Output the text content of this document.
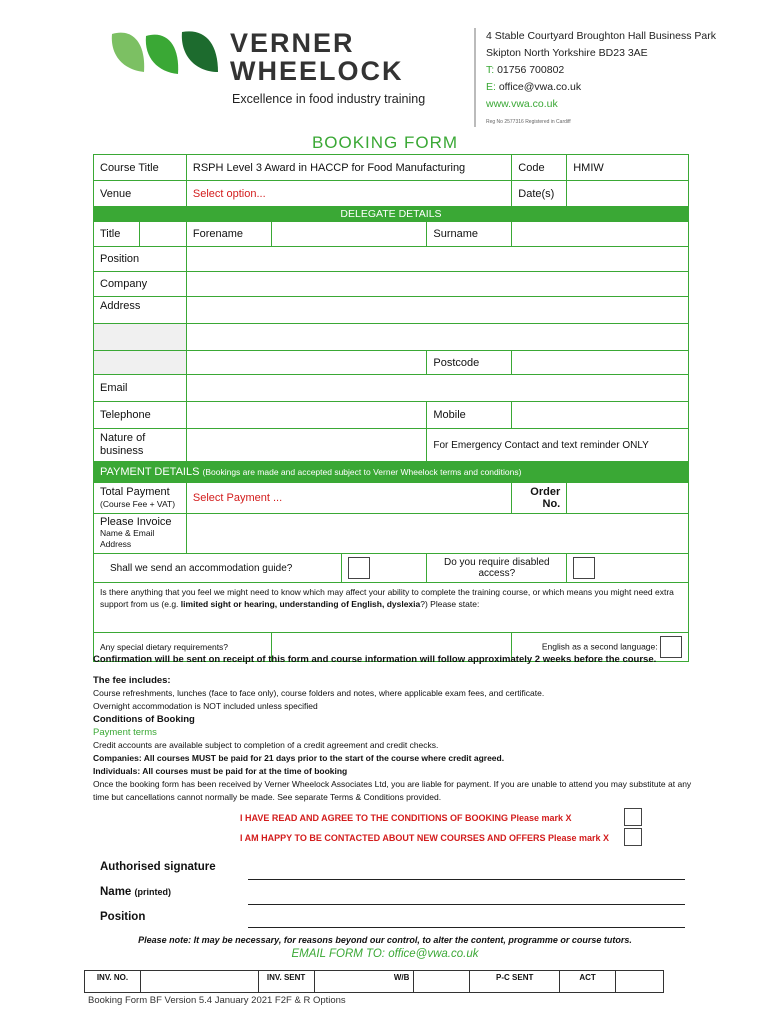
VERNER
WHEELOCK
Excellence in food industry training
4 Stable Courtyard Broughton Hall Business Park
Skipton North Yorkshire BD23 3AE
T: 01756 700802
E: office@vwa.co.uk
www.vwa.co.uk
Reg No 2577316 Registered in Cardiff
BOOKING FORM
Course Title		RSPH Level 3 Award in HACCP for Food Manufacturing				Code	HMIW
Venue		Select option...				Date(s)	
DELEGATE DETAILS							
Title		Forename			Surname		
Position							
Company							
Address							

					Postcode		
Email							
Telephone					Mobile		
Nature of business					For Emergency Contact and text reminder ONLY		
PAYMENT DETAILS (Bookings are made and accepted subject to Verner Wheelock terms and conditions)							

Total Payment
(Course Fee + VAT)		Select Payment ...				Order No.	

Please Invoice
Name & Email Address							

Shall we send an accommodation guide?					Do you require disabled access?		
Is there anything that you feel we might need to know which may affect your ability to complete the training course, or which means you might need extra support from us (e.g. limited sight or hearing, understanding of English, dyslexia?) Please state:							
Any special dietary requirements?						English as a second language:	
Confirmation will be sent on receipt of this form and course information will follow approximately 2 weeks before the course.
The fee includes:
Course refreshments, lunches (face to face only), course folders and notes, where applicable exam fees, and certificate.
Overnight accommodation is NOT included unless specified
Conditions of Booking
Payment terms
Credit accounts are available subject to completion of a credit agreement and credit checks.
Companies: All courses MUST be paid for 21 days prior to the start of the course where credit agreed.
Individuals: All courses must be paid for at the time of booking
Once the booking form has been received by Verner Wheelock Associates Ltd, you are liable for payment. If you are unable to attend you may substitute at any time but cancellations cannot normally be made. See separate Terms & Conditions provided.
I HAVE READ AND AGREE TO THE CONDITIONS OF BOOKING Please mark X
I AM HAPPY TO BE CONTACTED ABOUT NEW COURSES AND OFFERS Please mark X
Authorised signature
Name (printed)
Position
Please note: It may be necessary, for reasons beyond our control, to alter the content, programme or course tutors.
EMAIL FORM TO: office@vwa.co.uk
INV. NO.		INV. SENT	W/B		P-C SENT	ACT	
Booking Form BF Version 5.4 January 2021 F2F & R Options
